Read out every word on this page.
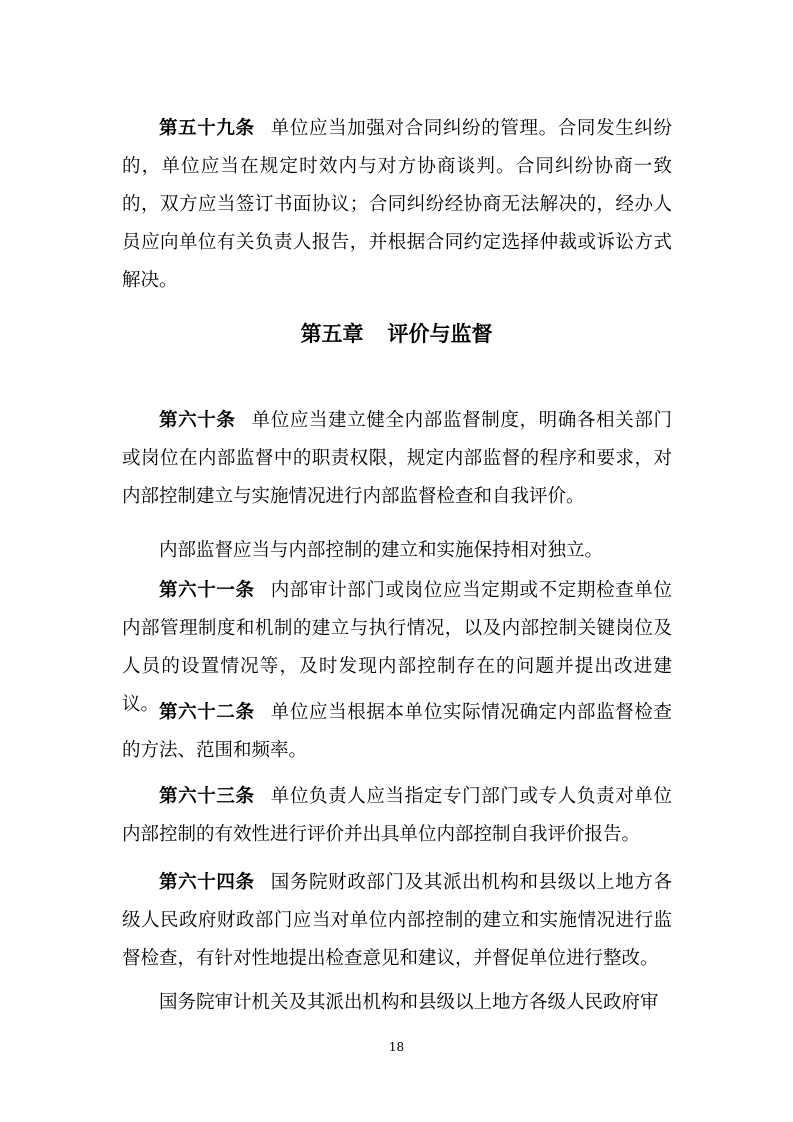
第五十九条 单位应当加强对合同纠纷的管理。合同发生纠纷的，单位应当在规定时效内与对方协商谈判。合同纠纷协商一致的，双方应当签订书面协议；合同纠纷经协商无法解决的，经办人员应向单位有关负责人报告，并根据合同约定选择仲裁或诉讼方式解决。

第五章 评价与监督

第六十条 单位应当建立健全内部监督制度，明确各相关部门或岗位在内部监督中的职责权限，规定内部监督的程序和要求，对内部控制建立与实施情况进行内部监督检查和自我评价。

内部监督应当与内部控制的建立和实施保持相对独立。

第六十一条 内部审计部门或岗位应当定期或不定期检查单位内部管理制度和机制的建立与执行情况，以及内部控制关键岗位及人员的设置情况等，及时发现内部控制存在的问题并提出改进建议。 第六十二条 单位应当根据本单位实际情况确定内部监督检查的方法、范围和频率。

第六十三条 单位负责人应当指定专门部门或专人负责对单位内部控制的有效性进行评价并出具单位内部控制自我评价报告。

第六十四条 国务院财政部门及其派出机构和县级以上地方各级人民政府财政部门应当对单位内部控制的建立和实施情况进行监督检查，有针对性地提出检查意见和建议，并督促单位进行整改。

国务院审计机关及其派出机构和县级以上地方各级人民政府审

18
